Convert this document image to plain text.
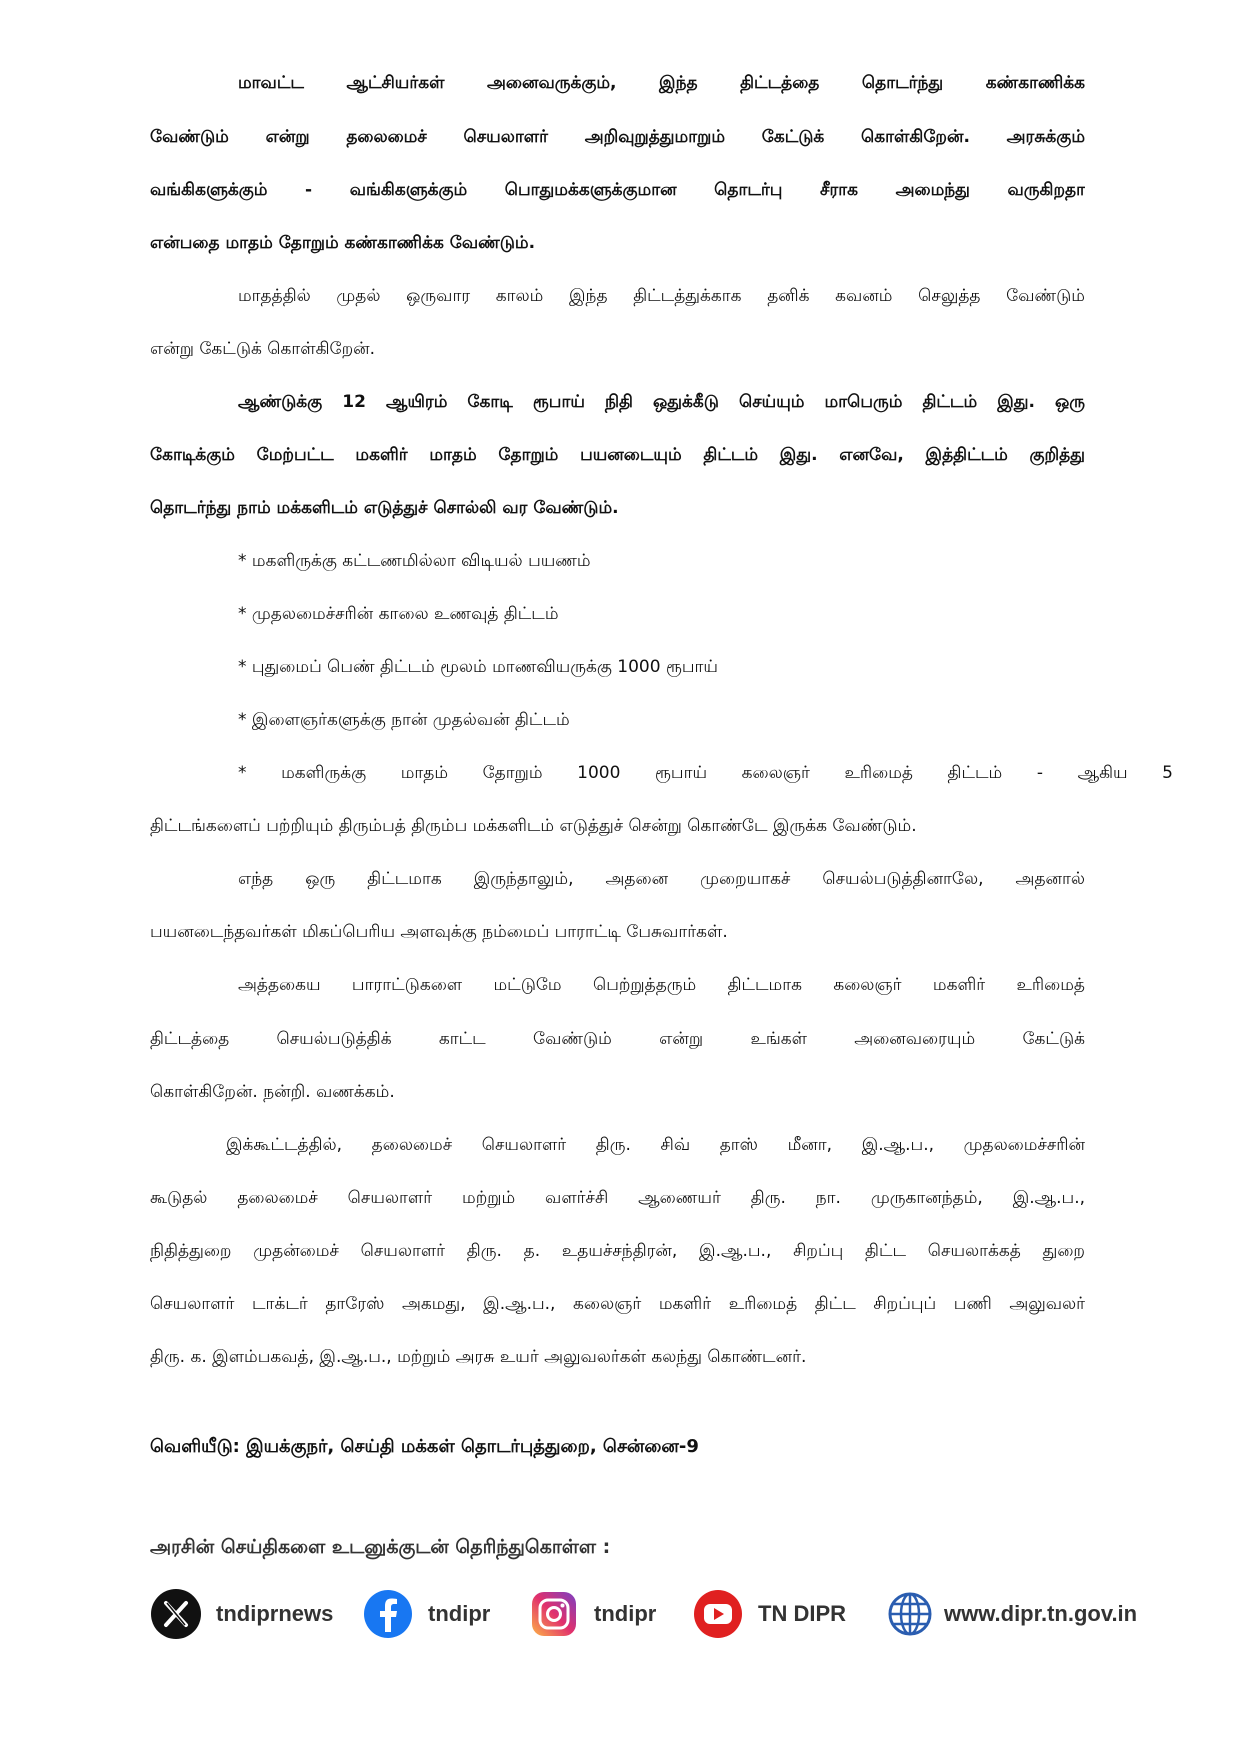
மாவட்ட ஆட்சியர்கள் அனைவருக்கும், இந்த திட்டத்தை தொடர்ந்து கண்காணிக்க
வேண்டும் என்று தலைமைச் செயலாளர் அறிவுறுத்துமாறும் கேட்டுக் கொள்கிறேன். அரசுக்கும்
வங்கிகளுக்கும் - வங்கிகளுக்கும் பொதுமக்களுக்குமான தொடர்பு சீராக அமைந்து வருகிறதா
என்பதை மாதம் தோறும் கண்காணிக்க வேண்டும்.
மாதத்தில் முதல் ஒருவார காலம் இந்த திட்டத்துக்காக தனிக் கவனம் செலுத்த வேண்டும்
என்று கேட்டுக் கொள்கிறேன்.
ஆண்டுக்கு 12 ஆயிரம் கோடி ரூபாய் நிதி ஒதுக்கீடு செய்யும் மாபெரும் திட்டம் இது. ஒரு
கோடிக்கும் மேற்பட்ட மகளிர் மாதம் தோறும் பயனடையும் திட்டம் இது. எனவே, இத்திட்டம் குறித்து
தொடர்ந்து நாம் மக்களிடம் எடுத்துச் சொல்லி வர வேண்டும்.
* மகளிருக்கு கட்டணமில்லா விடியல் பயணம்
* முதலமைச்சரின் காலை உணவுத் திட்டம்
* புதுமைப் பெண் திட்டம் மூலம் மாணவியருக்கு 1000 ரூபாய்
* இளைஞர்களுக்கு நான் முதல்வன் திட்டம்
* மகளிருக்கு மாதம் தோறும் 1000 ரூபாய் கலைஞர் உரிமைத் திட்டம் - ஆகிய 5
திட்டங்களைப் பற்றியும் திரும்பத் திரும்ப மக்களிடம் எடுத்துச் சென்று கொண்டே இருக்க வேண்டும்.
எந்த ஒரு திட்டமாக இருந்தாலும், அதனை முறையாகச் செயல்படுத்தினாலே, அதனால்
பயனடைந்தவர்கள் மிகப்பெரிய அளவுக்கு நம்மைப் பாராட்டி பேசுவார்கள்.
அத்தகைய பாராட்டுகளை மட்டுமே பெற்றுத்தரும் திட்டமாக கலைஞர் மகளிர் உரிமைத்
திட்டத்தை செயல்படுத்திக் காட்ட வேண்டும் என்று உங்கள் அனைவரையும் கேட்டுக்
கொள்கிறேன். நன்றி. வணக்கம்.
இக்கூட்டத்தில், தலைமைச் செயலாளர் திரு. சிவ் தாஸ் மீனா, இ.ஆ.ப., முதலமைச்சரின்
கூடுதல் தலைமைச் செயலாளர் மற்றும் வளர்ச்சி ஆணையர் திரு. நா. முருகானந்தம், இ.ஆ.ப.,
நிதித்துறை முதன்மைச் செயலாளர் திரு. த. உதயச்சந்திரன், இ.ஆ.ப., சிறப்பு திட்ட செயலாக்கத் துறை
செயலாளர் டாக்டர் தாரேஸ் அகமது, இ.ஆ.ப., கலைஞர் மகளிர் உரிமைத் திட்ட சிறப்புப் பணி அலுவலர்
திரு. க. இளம்பகவத், இ.ஆ.ப., மற்றும் அரசு உயர் அலுவலர்கள் கலந்து கொண்டனர்.
வெளியீடு: இயக்குநர், செய்தி மக்கள் தொடர்புத்துறை, சென்னை-9
அரசின் செய்திகளை உடனுக்குடன் தெரிந்துகொள்ள :
tndiprnews	tndipr	tndipr	TN DIPR	www.dipr.tn.gov.in
